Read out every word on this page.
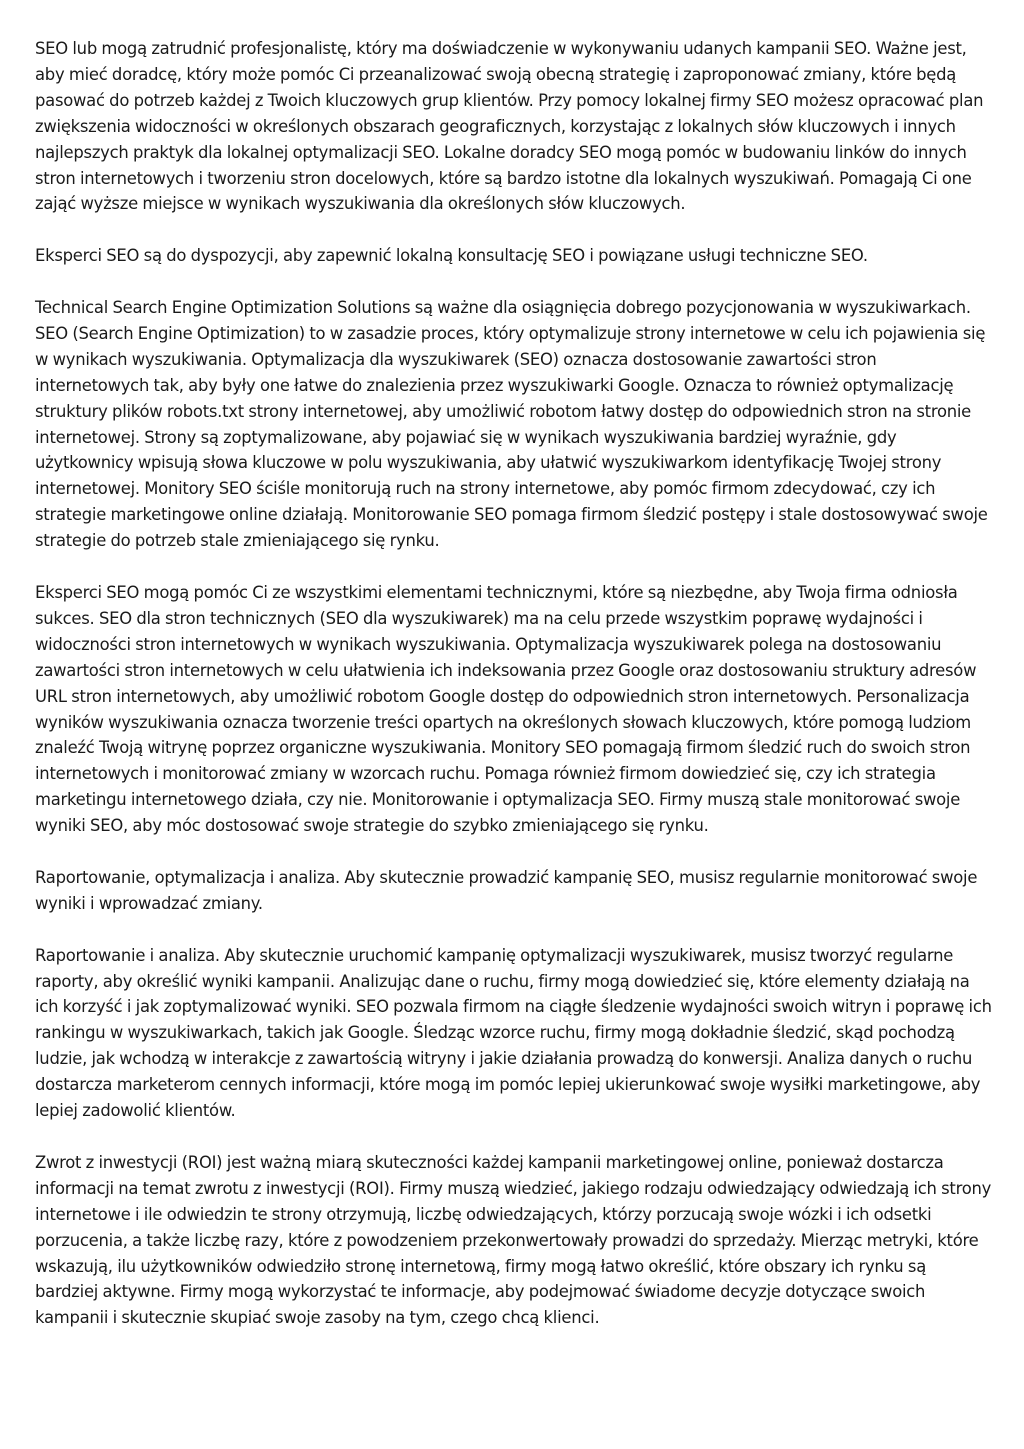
SEO lub mogą zatrudnić profesjonalistę, który ma doświadczenie w wykonywaniu udanych kampanii SEO. Ważne jest, aby mieć doradcę, który może pomóc Ci przeanalizować swoją obecną strategię i zaproponować zmiany, które będą pasować do potrzeb każdej z Twoich kluczowych grup klientów. Przy pomocy lokalnej firmy SEO możesz opracować plan zwiększenia widoczności w określonych obszarach geograficznych, korzystając z lokalnych słów kluczowych i innych najlepszych praktyk dla lokalnej optymalizacji SEO. Lokalne doradcy SEO mogą pomóc w budowaniu linków do innych stron internetowych i tworzeniu stron docelowych, które są bardzo istotne dla lokalnych wyszukiwań. Pomagają Ci one zająć wyższe miejsce w wynikach wyszukiwania dla określonych słów kluczowych.

Eksperci SEO są do dyspozycji, aby zapewnić lokalną konsultację SEO i powiązane usługi techniczne SEO.

Technical Search Engine Optimization Solutions są ważne dla osiągnięcia dobrego pozycjonowania w wyszukiwarkach. SEO (Search Engine Optimization) to w zasadzie proces, który optymalizuje strony internetowe w celu ich pojawienia się w wynikach wyszukiwania. Optymalizacja dla wyszukiwarek (SEO) oznacza dostosowanie zawartości stron internetowych tak, aby były one łatwe do znalezienia przez wyszukiwarki Google. Oznacza to również optymalizację struktury plików robots.txt strony internetowej, aby umożliwić robotom łatwy dostęp do odpowiednich stron na stronie internetowej. Strony są zoptymalizowane, aby pojawiać się w wynikach wyszukiwania bardziej wyraźnie, gdy użytkownicy wpisują słowa kluczowe w polu wyszukiwania, aby ułatwić wyszukiwarkom identyfikację Twojej strony internetowej. Monitory SEO ściśle monitorują ruch na strony internetowe, aby pomóc firmom zdecydować, czy ich strategie marketingowe online działają. Monitorowanie SEO pomaga firmom śledzić postępy i stale dostosowywać swoje strategie do potrzeb stale zmieniającego się rynku.

Eksperci SEO mogą pomóc Ci ze wszystkimi elementami technicznymi, które są niezbędne, aby Twoja firma odniosła sukces. SEO dla stron technicznych (SEO dla wyszukiwarek) ma na celu przede wszystkim poprawę wydajności i widoczności stron internetowych w wynikach wyszukiwania. Optymalizacja wyszukiwarek polega na dostosowaniu zawartości stron internetowych w celu ułatwienia ich indeksowania przez Google oraz dostosowaniu struktury adresów URL stron internetowych, aby umożliwić robotom Google dostęp do odpowiednich stron internetowych. Personalizacja wyników wyszukiwania oznacza tworzenie treści opartych na określonych słowach kluczowych, które pomogą ludziom znaleźć Twoją witrynę poprzez organiczne wyszukiwania. Monitory SEO pomagają firmom śledzić ruch do swoich stron internetowych i monitorować zmiany w wzorcach ruchu. Pomaga również firmom dowiedzieć się, czy ich strategia marketingu internetowego działa, czy nie. Monitorowanie i optymalizacja SEO. Firmy muszą stale monitorować swoje wyniki SEO, aby móc dostosować swoje strategie do szybko zmieniającego się rynku.

Raportowanie, optymalizacja i analiza. Aby skutecznie prowadzić kampanię SEO, musisz regularnie monitorować swoje wyniki i wprowadzać zmiany.

Raportowanie i analiza. Aby skutecznie uruchomić kampanię optymalizacji wyszukiwarek, musisz tworzyć regularne raporty, aby określić wyniki kampanii. Analizując dane o ruchu, firmy mogą dowiedzieć się, które elementy działają na ich korzyść i jak zoptymalizować wyniki. SEO pozwala firmom na ciągłe śledzenie wydajności swoich witryn i poprawę ich rankingu w wyszukiwarkach, takich jak Google. Śledząc wzorce ruchu, firmy mogą dokładnie śledzić, skąd pochodzą ludzie, jak wchodzą w interakcje z zawartością witryny i jakie działania prowadzą do konwersji. Analiza danych o ruchu dostarcza marketerom cennych informacji, które mogą im pomóc lepiej ukierunkować swoje wysiłki marketingowe, aby lepiej zadowolić klientów.

Zwrot z inwestycji (ROI) jest ważną miarą skuteczności każdej kampanii marketingowej online, ponieważ dostarcza informacji na temat zwrotu z inwestycji (ROI). Firmy muszą wiedzieć, jakiego rodzaju odwiedzający odwiedzają ich strony internetowe i ile odwiedzin te strony otrzymują, liczbę odwiedzających, którzy porzucają swoje wózki i ich odsetki porzucenia, a także liczbę razy, które z powodzeniem przekonwertowały prowadzi do sprzedaży. Mierząc metryki, które wskazują, ilu użytkowników odwiedziło stronę internetową, firmy mogą łatwo określić, które obszary ich rynku są bardziej aktywne. Firmy mogą wykorzystać te informacje, aby podejmować świadome decyzje dotyczące swoich kampanii i skutecznie skupiać swoje zasoby na tym, czego chcą klienci.
